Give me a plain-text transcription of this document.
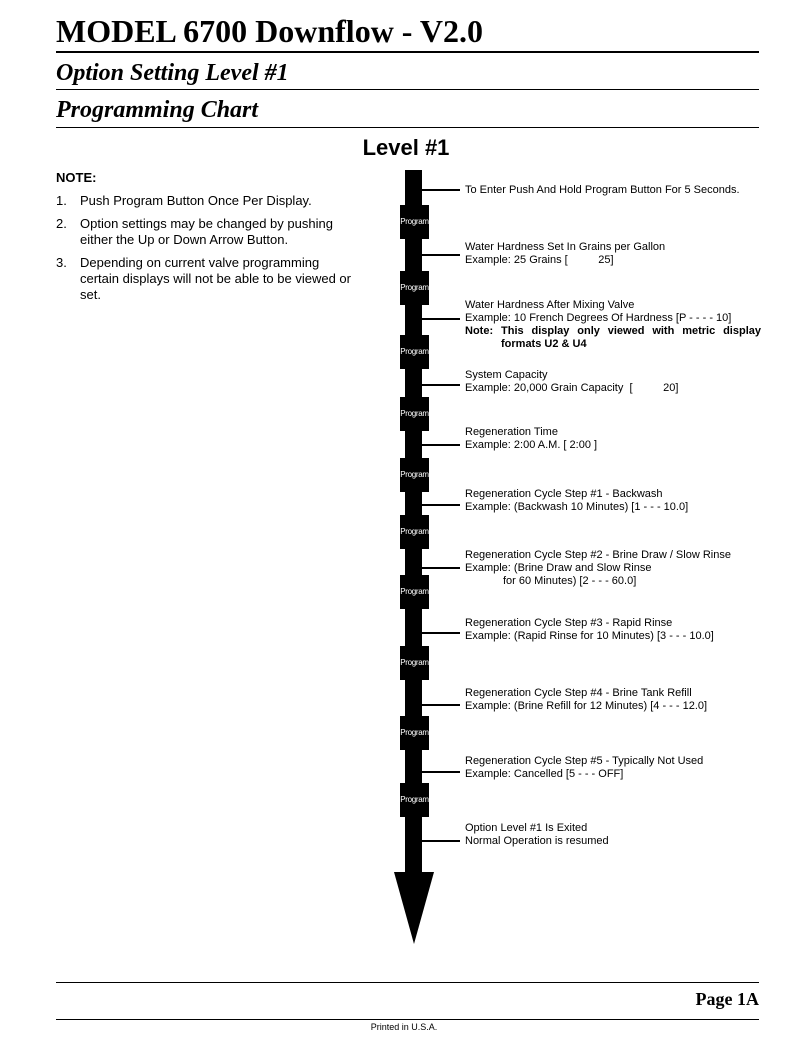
MODEL 6700 Downflow - V2.0
Option Setting Level #1
Programming Chart
Level #1
NOTE:
1.	Push Program Button Once Per Display.
2.	Option settings may be changed by pushing either the Up or Down Arrow Button.
3.	Depending on current valve programming certain displays will not be able to be viewed or set.
Program
Program
Program
Program
Program
Program
Program
Program
Program
Program
To Enter Push And Hold Program Button For 5 Seconds.
Water Hardness Set In Grains per Gallon
Example: 25 Grains [          25]
Water Hardness After Mixing Valve
Example: 10 French Degrees Of Hardness [P - - - - 10]
Note: This display only viewed with metric display formats U2 & U4
System Capacity
Example: 20,000 Grain Capacity  [          20]
Regeneration Time
Example: 2:00 A.M. [ 2:00 ]
Regeneration Cycle Step #1 - Backwash
Example: (Backwash 10 Minutes) [1 - - - 10.0]
Regeneration Cycle Step #2 - Brine Draw / Slow Rinse
Example: (Brine Draw and Slow Rinse
for 60 Minutes) [2 - - - 60.0]
Regeneration Cycle Step #3 - Rapid Rinse
Example: (Rapid Rinse for 10 Minutes) [3 - - - 10.0]
Regeneration Cycle Step #4 - Brine Tank Refill
Example: (Brine Refill for 12 Minutes) [4 - - - 12.0]
Regeneration Cycle Step #5 - Typically Not Used
Example: Cancelled [5 - - - OFF]
Option Level #1 Is Exited
Normal Operation is resumed
Page 1A
Printed in U.S.A.
